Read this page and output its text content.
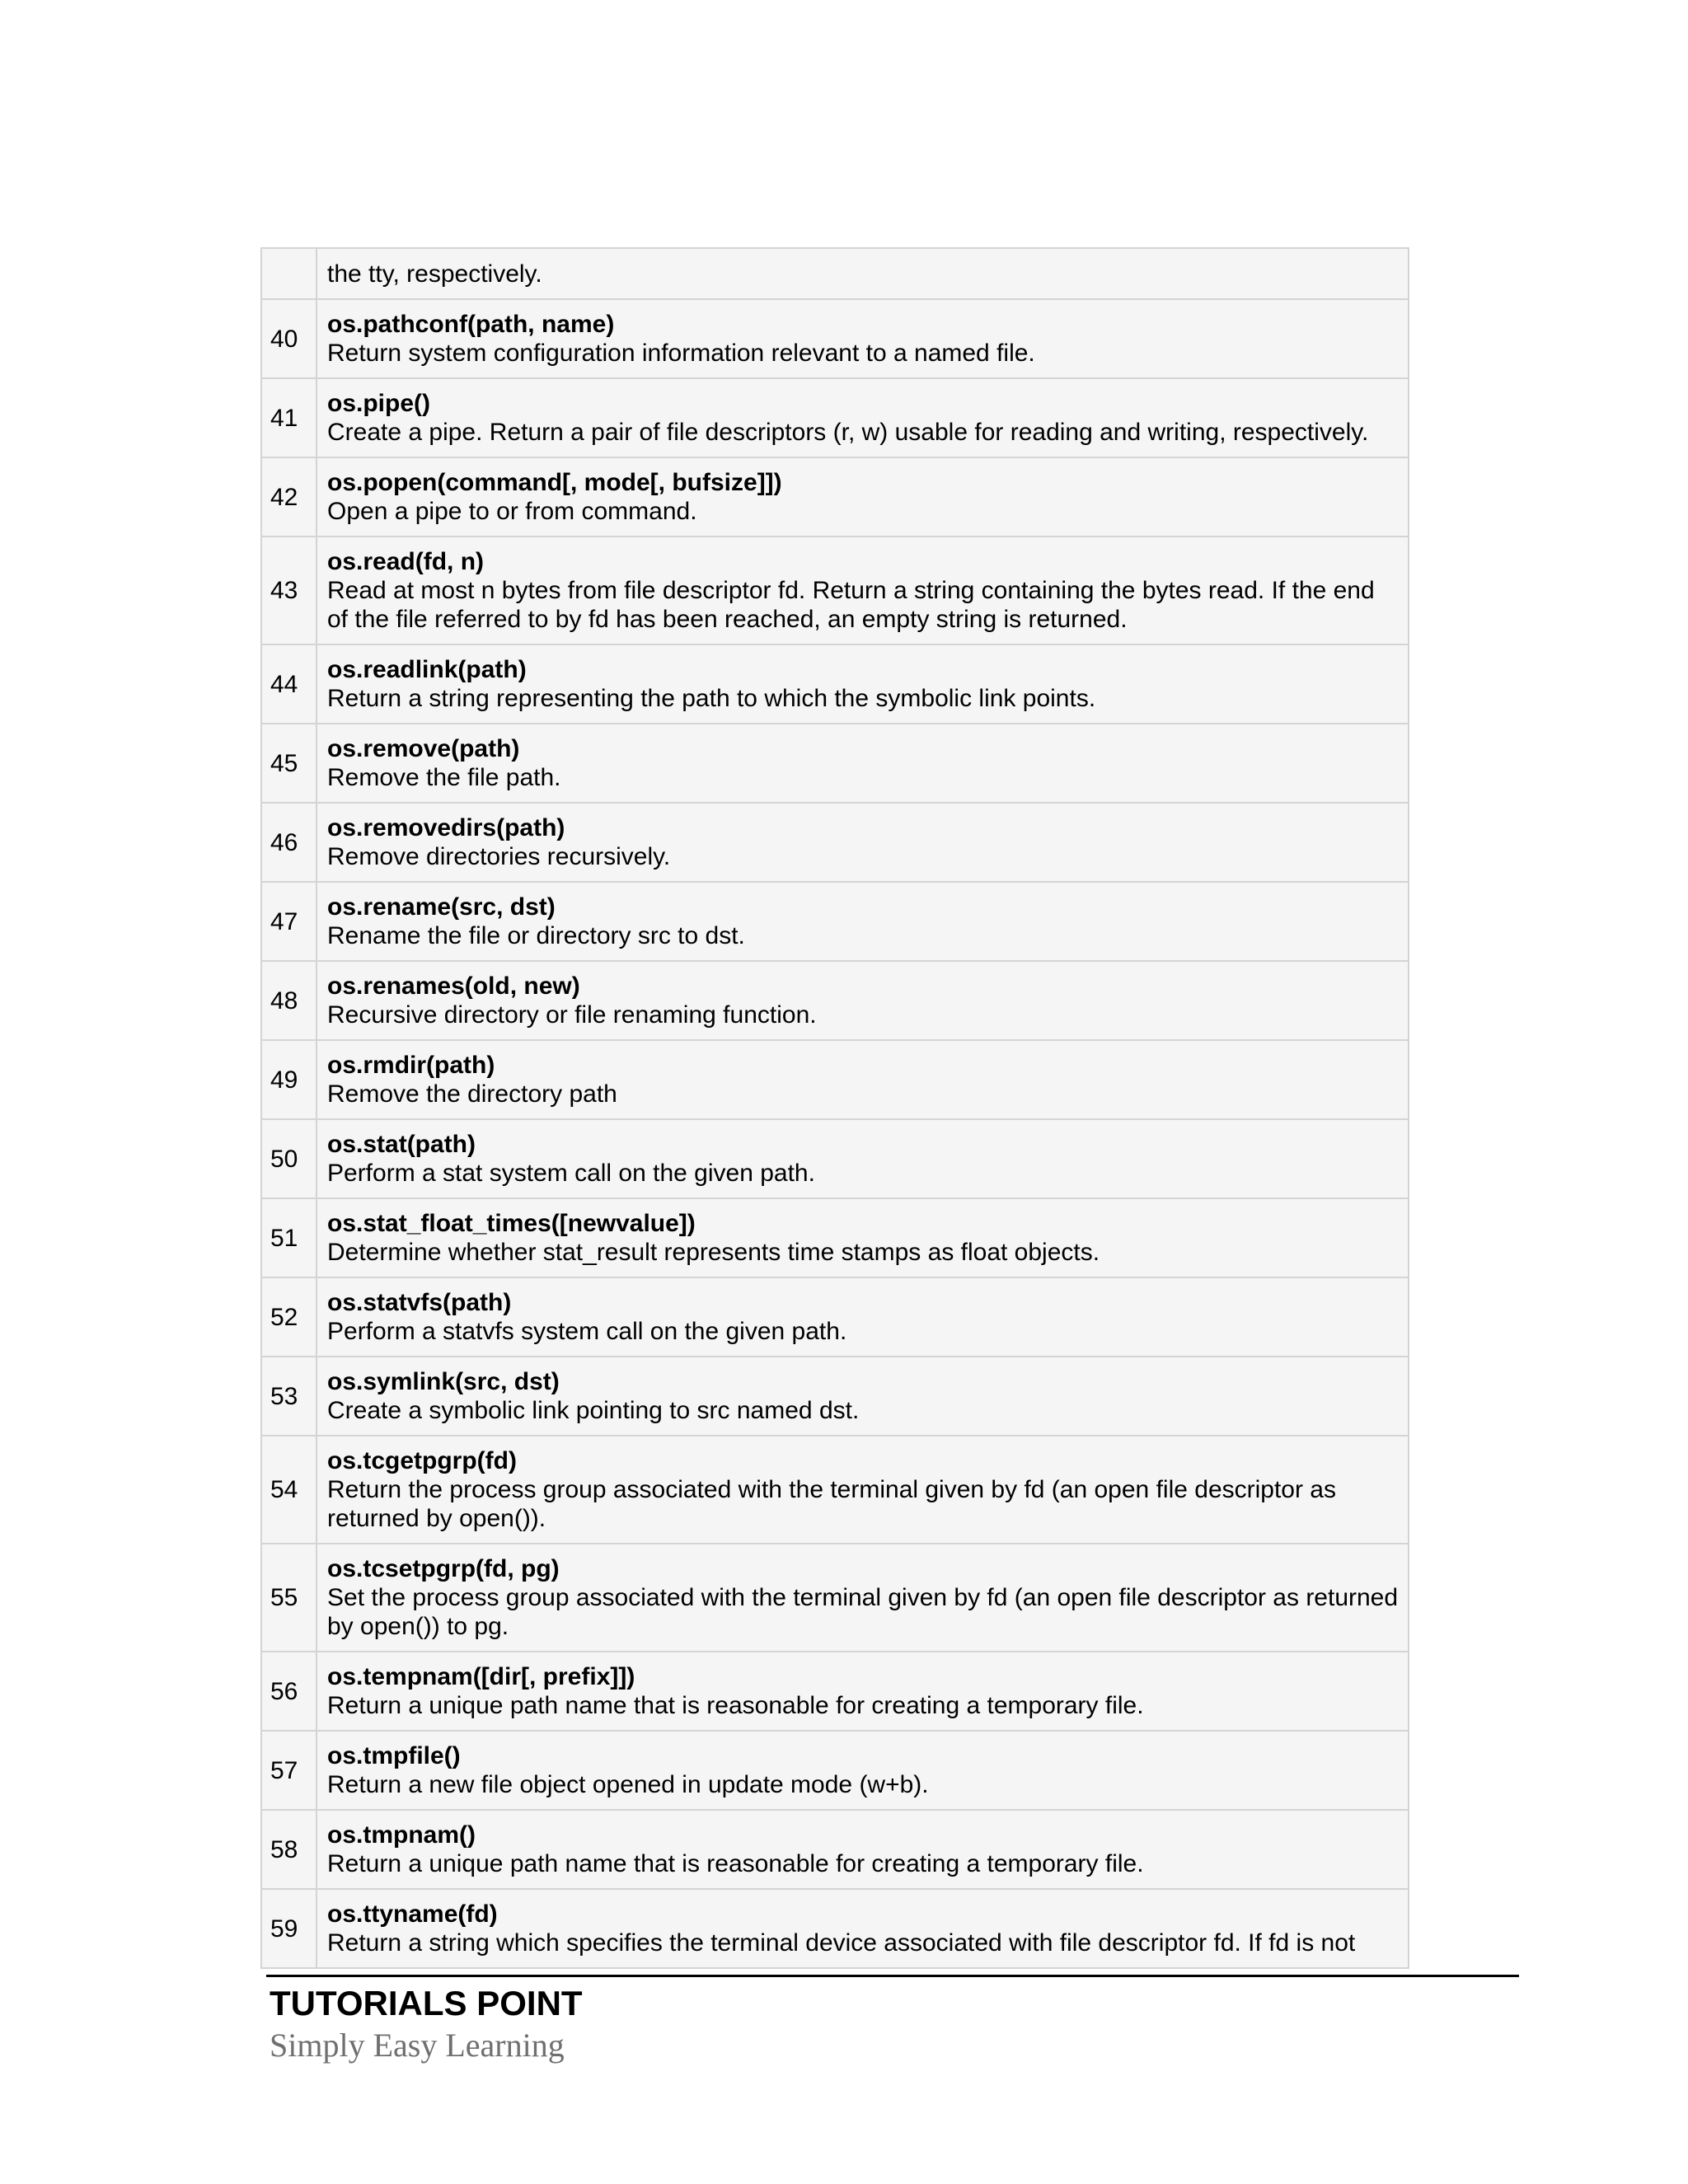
	the tty, respectively.

40	os.pathconf(path, name)
Return system configuration information relevant to a named file.

41	os.pipe()
Create a pipe. Return a pair of file descriptors (r, w) usable for reading and writing, respectively.

42	os.popen(command[, mode[, bufsize]])
Open a pipe to or from command.

43	os.read(fd, n)
Read at most n bytes from file descriptor fd. Return a string containing the bytes read. If the end of the file referred to by fd has been reached, an empty string is returned.

44	os.readlink(path)
Return a string representing the path to which the symbolic link points.

45	os.remove(path)
Remove the file path.

46	os.removedirs(path)
Remove directories recursively.

47	os.rename(src, dst)
Rename the file or directory src to dst.

48	os.renames(old, new)
Recursive directory or file renaming function.

49	os.rmdir(path)
Remove the directory path

50	os.stat(path)
Perform a stat system call on the given path.

51	os.stat_float_times([newvalue])
Determine whether stat_result represents time stamps as float objects.

52	os.statvfs(path)
Perform a statvfs system call on the given path.

53	os.symlink(src, dst)
Create a symbolic link pointing to src named dst.

54	os.tcgetpgrp(fd)
Return the process group associated with the terminal given by fd (an open file descriptor as returned by open()).

55	os.tcsetpgrp(fd, pg)
Set the process group associated with the terminal given by fd (an open file descriptor as returned by open()) to pg.

56	os.tempnam([dir[, prefix]])
Return a unique path name that is reasonable for creating a temporary file.

57	os.tmpfile()
Return a new file object opened in update mode (w+b).

58	os.tmpnam()
Return a unique path name that is reasonable for creating a temporary file.

59	os.ttyname(fd)
Return a string which specifies the terminal device associated with file descriptor fd. If fd is not

TUTORIALS POINT

Simply Easy Learning
